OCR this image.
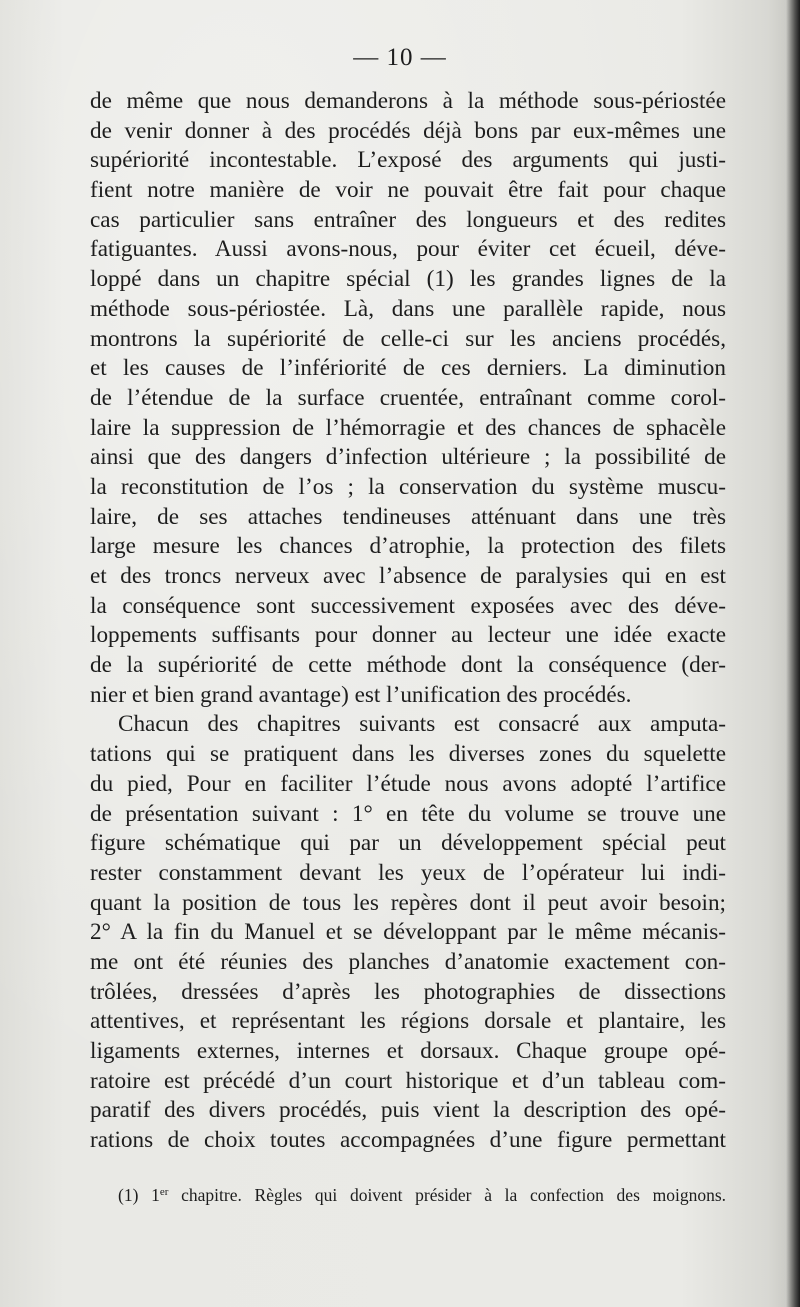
— 10 —
de même que nous demanderons à la méthode sous-périostée
de venir donner à des procédés déjà bons par eux-mêmes une
supériorité incontestable. L’exposé des arguments qui justi-
fient notre manière de voir ne pouvait être fait pour chaque
cas particulier sans entraîner des longueurs et des redites
fatiguantes. Aussi avons-nous, pour éviter cet écueil, déve-
loppé dans un chapitre spécial (1) les grandes lignes de la
méthode sous-périostée. Là, dans une parallèle rapide, nous
montrons la supériorité de celle-ci sur les anciens procédés,
et les causes de l’infériorité de ces derniers. La diminution
de l’étendue de la surface cruentée, entraînant comme corol-
laire la suppression de l’hémorragie et des chances de sphacèle
ainsi que des dangers d’infection ultérieure ; la possibilité de
la reconstitution de l’os ; la conservation du système muscu-
laire, de ses attaches tendineuses atténuant dans une très
large mesure les chances d’atrophie, la protection des filets
et des troncs nerveux avec l’absence de paralysies qui en est
la conséquence sont successivement exposées avec des déve-
loppements suffisants pour donner au lecteur une idée exacte
de la supériorité de cette méthode dont la conséquence (der-
nier et bien grand avantage) est l’unification des procédés.
Chacun des chapitres suivants est consacré aux amputa-
tations qui se pratiquent dans les diverses zones du squelette
du pied, Pour en faciliter l’étude nous avons adopté l’artifice
de présentation suivant : 1° en tête du volume se trouve une
figure schématique qui par un développement spécial peut
rester constamment devant les yeux de l’opérateur lui indi-
quant la position de tous les repères dont il peut avoir besoin;
2° A la fin du Manuel et se développant par le même mécanis-
me ont été réunies des planches d’anatomie exactement con-
trôlées, dressées d’après les photographies de dissections
attentives, et représentant les régions dorsale et plantaire, les
ligaments externes, internes et dorsaux. Chaque groupe opé-
ratoire est précédé d’un court historique et d’un tableau com-
paratif des divers procédés, puis vient la description des opé-
rations de choix toutes accompagnées d’une figure permettant
(1) 1er chapitre. Règles qui doivent présider à la confection des moignons.
